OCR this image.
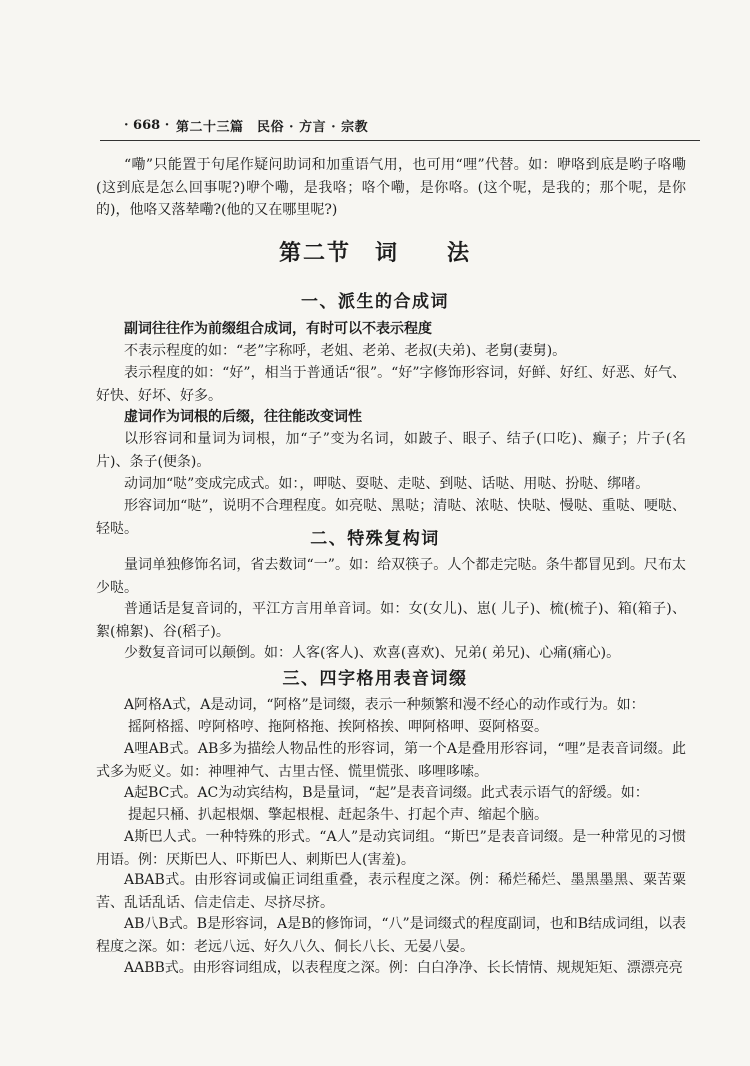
· 668 · 第二十三篇　民俗 · 方言 · 宗教

“嘞”只能置于句尾作疑问助词和加重语气用，也可用“哩”代替。如：咿咯到底是哟子咯嘞(这到底是怎么回事呢?)咿个嘞，是我咯；咯个嘞，是你咯。(这个呢，是我的；那个呢，是你的)，他咯又落辇嘞?(他的又在哪里呢?)

第二节　词　　法
一、派生的合成词

副词往往作为前缀组合成词，有时可以不表示程度

不表示程度的如：“老”字称呼，老姐、老弟、老叔(夫弟)、老舅(妻舅)。

表示程度的如：“好”，相当于普通话“很”。“好”字修饰形容词，好鲜、好红、好恶、好气、好快、好坏、好多。

虚词作为词根的后缀，往往能改变词性

以形容词和量词为词根，加“子”变为名词，如跛子、眼子、结子(口吃)、癫子；片子(名片)、条子(便条)。

动词加“哒”变成完成式。如：，呷哒、耍哒、走哒、到哒、话哒、用哒、扮哒、绑啫。

形容词加“哒”，说明不合理程度。如亮哒、黑哒；清哒、浓哒、快哒、慢哒、重哒、哽哒、轻哒。

二、特殊复构词

量词单独修饰名词，省去数词“一”。如：给双筷子。人个都走完哒。条牛都冒见到。尺布太少哒。

普通话是复音词的，平江方言用单音词。如：女(女儿)、崽( 儿子)、梳(梳子)、箱(箱子)、絮(棉絮)、谷(稻子)。

少数复音词可以颠倒。如：人客(客人)、欢喜(喜欢)、兄弟( 弟兄)、心痛(痛心)。

三、四字格用表音词缀

A阿格A式，A是动词，“阿格”是词缀，表示一种频繁和漫不经心的动作或行为。如：

摇阿格摇、哼阿格哼、拖阿格拖、挨阿格挨、呷阿格呷、耍阿格耍。

A哩AB式。AB多为描绘人物品性的形容词，第一个A是叠用形容词，“哩”是表音词缀。此式多为贬义。如：神哩神气、古里古怪、慌里慌张、哆哩哆嗦。

A起BC式。AC为动宾结构，B是量词，“起”是表音词缀。此式表示语气的舒缓。如：

提起只桶、扒起根烟、擎起根棍、赶起条牛、打起个声、缩起个脑。

A斯巴人式。一种特殊的形式。“A人”是动宾词组。“斯巴”是表音词缀。是一种常见的习惯用语。例：厌斯巴人、吓斯巴人、刺斯巴人(害羞)。

ABAB式。由形容词或偏正词组重叠，表示程度之深。例：稀烂稀烂、墨黑墨黑、粟苦粟苦、乱话乱话、信走信走、尽挤尽挤。

AB八B式。B是形容词，A是B的修饰词，“八”是词缀式的程度副词，也和B结成词组，以表程度之深。如：老远八远、好久八久、侗长八长、无晏八晏。

AABB式。由形容词组成，以表程度之深。例：白白净净、长长情情、规规矩矩、漂漂亮亮
